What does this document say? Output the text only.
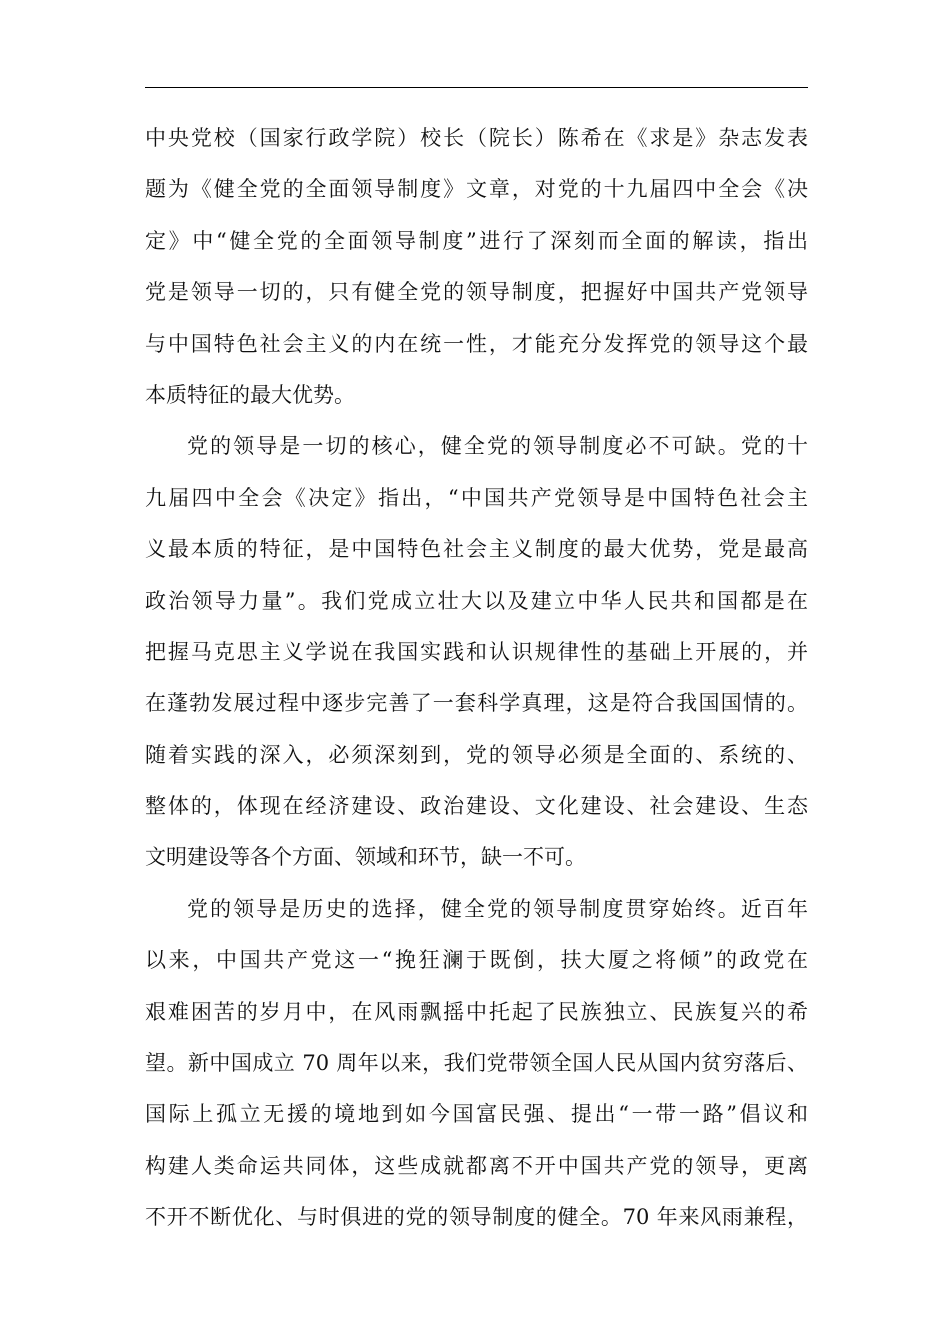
中央党校（国家行政学院）校长（院长）陈希在《求是》杂志发表
题为《健全党的全面领导制度》文章，对党的十九届四中全会《决
定》中“健全党的全面领导制度”进行了深刻而全面的解读，指出
党是领导一切的，只有健全党的领导制度，把握好中国共产党领导
与中国特色社会主义的内在统一性，才能充分发挥党的领导这个最
本质特征的最大优势。
党的领导是一切的核心，健全党的领导制度必不可缺。党的十
九届四中全会《决定》指出，“中国共产党领导是中国特色社会主
义最本质的特征，是中国特色社会主义制度的最大优势，党是最高
政治领导力量”。我们党成立壮大以及建立中华人民共和国都是在
把握马克思主义学说在我国实践和认识规律性的基础上开展的，并
在蓬勃发展过程中逐步完善了一套科学真理，这是符合我国国情的。
随着实践的深入，必须深刻到，党的领导必须是全面的、系统的、
整体的，体现在经济建设、政治建设、文化建设、社会建设、生态
文明建设等各个方面、领域和环节，缺一不可。
党的领导是历史的选择，健全党的领导制度贯穿始终。近百年
以来，中国共产党这一“挽狂澜于既倒，扶大厦之将倾”的政党在
艰难困苦的岁月中，在风雨飘摇中托起了民族独立、民族复兴的希
望。新中国成立 70 周年以来，我们党带领全国人民从国内贫穷落后、
国际上孤立无援的境地到如今国富民强、提出“一带一路”倡议和
构建人类命运共同体，这些成就都离不开中国共产党的领导，更离
不开不断优化、与时俱进的党的领导制度的健全。70 年来风雨兼程，
